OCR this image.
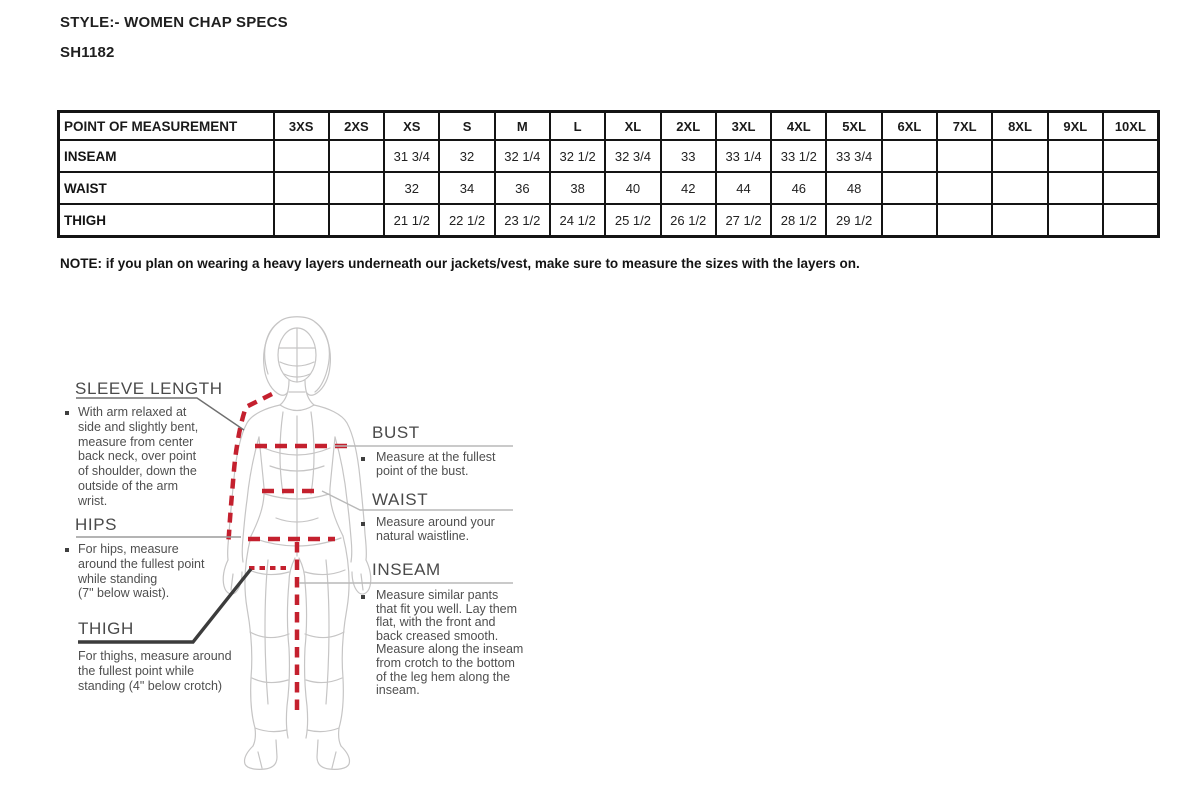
STYLE:- WOMEN CHAP SPECS
SH1182
POINT OF MEASUREMENT	3XS	2XS	XS	S	M	L	XL	2XL	3XL	4XL	5XL	6XL	7XL	8XL	9XL	10XL
INSEAM			31 3/4	32	32 1/4	32 1/2	32 3/4	33	33 1/4	33 1/2	33 3/4					
WAIST			32	34	36	38	40	42	44	46	48					
THIGH			21 1/2	22 1/2	23 1/2	24 1/2	25 1/2	26 1/2	27 1/2	28 1/2	29 1/2					
NOTE: if you plan on wearing a heavy layers underneath our jackets/vest, make sure to measure the sizes with the layers on.
SLEEVE LENGTH
With arm relaxed at
side and slightly bent,
measure from center
back neck, over point
of shoulder, down the
outside of the arm
wrist.
HIPS
For hips, measure
around the fullest point
while standing
(7" below waist).
THIGH
For thighs, measure around
the fullest point while
standing (4" below crotch)
BUST
Measure at the fullest
point of the bust.
WAIST
Measure around your
natural waistline.
INSEAM
Measure similar pants
that fit you well. Lay them
flat, with the front and
back creased smooth.
Measure along the inseam
from crotch to the bottom
of the leg hem along the
inseam.
